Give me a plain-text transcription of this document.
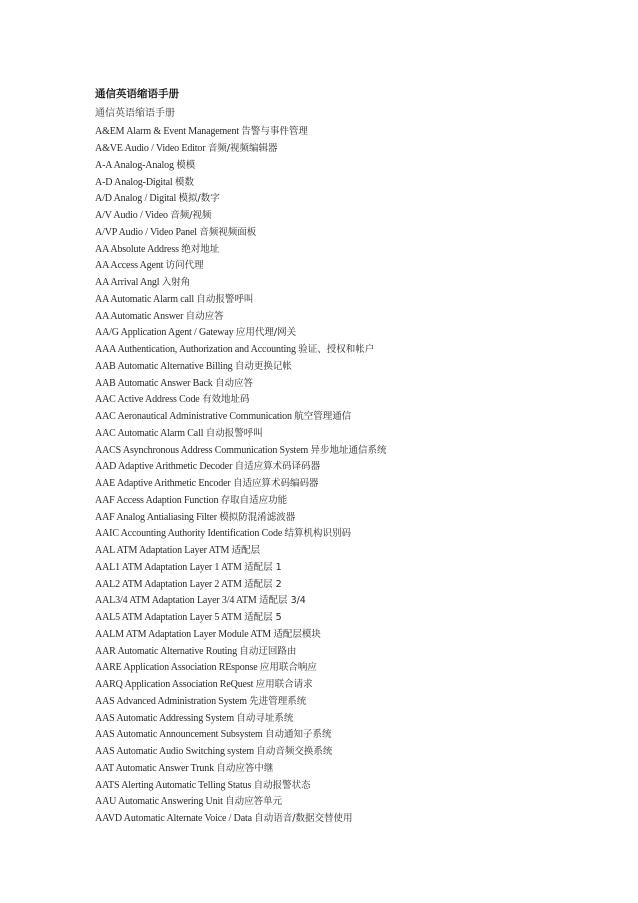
通信英语缩语手册
通信英语缩语手册
A&EM Alarm & Event Management 告警与事件管理
A&VE Audio / Video Editor 音频/视频编辑器
A-A Analog-Analog 模模
A-D Analog-Digital 模数
A/D Analog / Digital 模拟/数字
A/V Audio / Video 音频/视频
A/VP Audio / Video Panel 音频视频面板
AA Absolute Address 绝对地址
AA Access Agent 访问代理
AA Arrival Angl 入射角
AA Automatic Alarm call 自动报警呼叫
AA Automatic Answer 自动应答
AA/G Application Agent / Gateway 应用代理/网关
AAA Authentication, Authorization and Accounting 验证、授权和帐户
AAB Automatic Alternative Billing 自动更换记帐
AAB Automatic Answer Back 自动应答
AAC Active Address Code 有效地址码
AAC Aeronautical Administrative Communication 航空管理通信
AAC Automatic Alarm Call 自动报警呼叫
AACS Asynchronous Address Communication System 异步地址通信系统
AAD Adaptive Arithmetic Decoder 自适应算术码译码器
AAE Adaptive Arithmetic Encoder 自适应算术码编码器
AAF Access Adaption Function 存取自适应功能
AAF Analog Antialiasing Filter 模拟防混淆滤波器
AAIC Accounting Authority Identification Code 结算机构识别码
AAL ATM Adaptation Layer ATM 适配层
AAL1 ATM Adaptation Layer 1 ATM 适配层 1
AAL2 ATM Adaptation Layer 2 ATM 适配层 2
AAL3/4 ATM Adaptation Layer 3/4 ATM 适配层 3/4
AAL5 ATM Adaptation Layer 5 ATM 适配层 5
AALM ATM Adaptation Layer Module ATM 适配层模块
AAR Automatic Alternative Routing 自动迂回路由
AARE Application Association REsponse 应用联合响应
AARQ Application Association ReQuest 应用联合请求
AAS Advanced Administration System 先进管理系统
AAS Automatic Addressing System 自动寻址系统
AAS Automatic Announcement Subsystem 自动通知子系统
AAS Automatic Audio Switching system 自动音频交换系统
AAT Automatic Answer Trunk 自动应答中继
AATS Alerting Automatic Telling Status 自动报警状态
AAU Automatic Answering Unit 自动应答单元
AAVD Automatic Alternate Voice / Data 自动语音/数据交替使用
